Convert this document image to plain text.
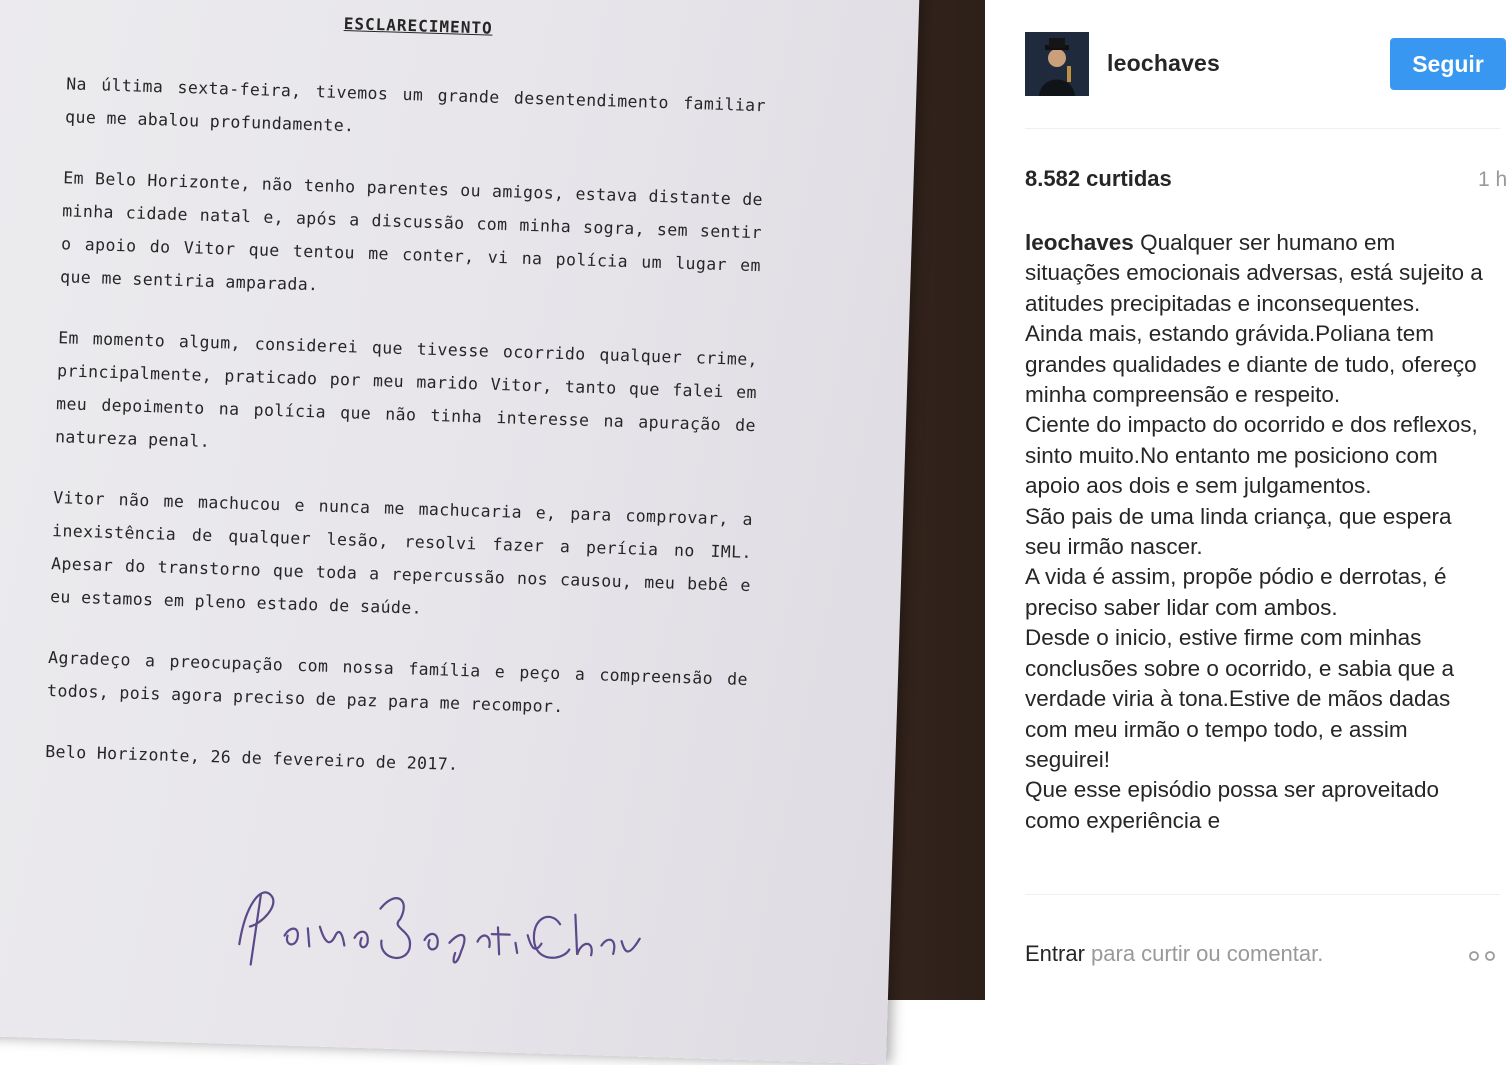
ESCLARECIMENTO

Na última sexta-feira, tivemos um grande desentendimento familiar que me abalou profundamente.

Em Belo Horizonte, não tenho parentes ou amigos, estava distante de minha cidade natal e, após a discussão com minha sogra, sem sentir o apoio do Vitor que tentou me conter, vi na polícia um lugar em que me sentiria amparada.

Em momento algum, considerei que tivesse ocorrido qualquer crime, principalmente, praticado por meu marido Vitor, tanto que falei em meu depoimento na polícia que não tinha interesse na apuração de natureza penal.

Vitor não me machucou e nunca me machucaria e, para comprovar, a inexistência de qualquer lesão, resolvi fazer a perícia no IML. Apesar do transtorno que toda a repercussão nos causou, meu bebê e eu estamos em pleno estado de saúde.

Agradeço a preocupação com nossa família e peço a compreensão de todos, pois agora preciso de paz para me recompor.

Belo Horizonte, 26 de fevereiro de 2017.
leochaves	Seguir
8.582 curtidas	1 h

leochaves Qualquer ser humano em situações emocionais adversas, está sujeito a atitudes precipitadas e inconsequentes.
Ainda mais, estando grávida.Poliana tem grandes qualidades e diante de tudo, ofereço minha compreensão e respeito.
Ciente do impacto do ocorrido e dos reflexos, sinto muito.No entanto me posiciono com apoio aos dois e sem julgamentos.
São pais de uma linda criança, que espera seu irmão nascer.
A vida é assim, propõe pódio e derrotas, é preciso saber lidar com ambos.
Desde o inicio, estive firme com minhas conclusões sobre o ocorrido, e sabia que a verdade viria à tona.Estive de mãos dadas com meu irmão o tempo todo, e assim seguirei!
Que esse episódio possa ser aproveitado como experiência e

Entrar para curtir ou comentar.
